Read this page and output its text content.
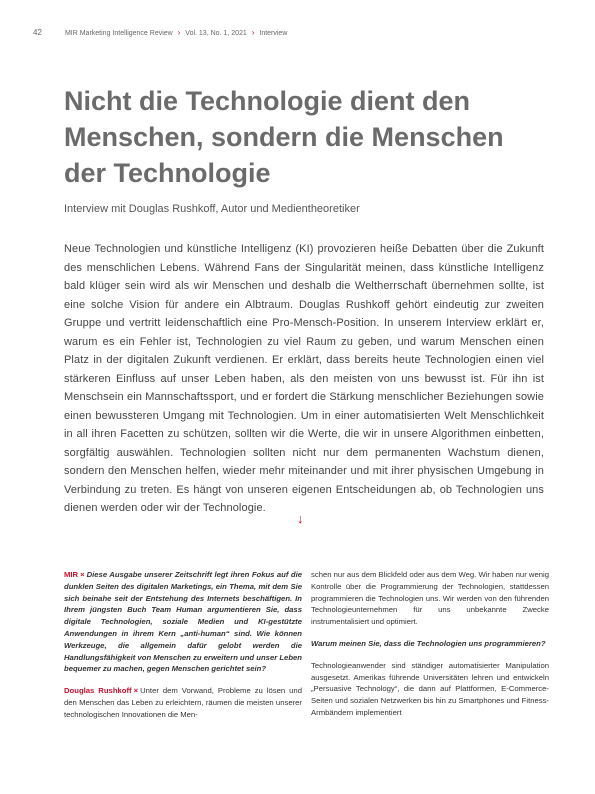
42	MIR Marketing Intelligence Review › Vol. 13, No. 1, 2021 › Interview
Nicht die Technologie dient den Menschen, sondern die Menschen der Technologie
Interview mit Douglas Rushkoff, Autor und Medientheoretiker

Neue Technologien und künstliche Intelligenz (KI) provozieren heiße Debatten über die Zukunft des menschlichen Lebens. Während Fans der Singularität meinen, dass künstliche Intelligenz bald klüger sein wird als wir Menschen und deshalb die Weltherrschaft übernehmen sollte, ist eine solche Vision für andere ein Albtraum. Douglas Rushkoff gehört eindeutig zur zweiten Gruppe und vertritt leidenschaftlich eine Pro-Mensch-Position. In unserem Interview erklärt er, warum es ein Fehler ist, Technologien zu viel Raum zu geben, und warum Menschen einen Platz in der digitalen Zukunft verdienen. Er erklärt, dass bereits heute Technologien einen viel stärkeren Einfluss auf unser Leben haben, als den meisten von uns bewusst ist. Für ihn ist Menschsein ein Mannschaftssport, und er fordert die Stärkung menschlicher Beziehungen sowie einen bewussteren Umgang mit Technologien. Um in einer automatisierten Welt Menschlichkeit in all ihren Facetten zu schützen, sollten wir die Werte, die wir in unsere Algorithmen einbetten, sorgfältig auswählen. Technologien sollten nicht nur dem permanenten Wachstum dienen, sondern den Menschen helfen, wieder mehr miteinander und mit ihrer physischen Umgebung in Verbindung zu treten. Es hängt von unseren eigenen Entscheidungen ab, ob Technologien uns dienen werden oder wir der Technologie.

↓

MIR × Diese Ausgabe unserer Zeitschrift legt ihren Fokus auf die dunklen Seiten des digitalen Marketings, ein Thema, mit dem Sie sich beinahe seit der Entstehung des Internets beschäftigen. In Ihrem jüngsten Buch Team Human argumentieren Sie, dass digitale Technologien, soziale Medien und KI-gestützte Anwendungen in ihrem Kern „anti-human“ sind. Wie können Werkzeuge, die allgemein dafür gelobt werden die Handlungsfähigkeit von Menschen zu erweitern und unser Leben bequemer zu machen, gegen Menschen gerichtet sein?

Douglas Rushkoff × Unter dem Vorwand, Probleme zu lösen und den Menschen das Leben zu erleichtern, räumen die meisten unserer technologischen Innovationen die Men-

schen nur aus dem Blickfeld oder aus dem Weg. Wir haben nur wenig Kontrolle über die Programmierung der Technologien, stattdessen programmieren die Technologien uns. Wir werden von den führenden Technologieunternehmen für uns unbekannte Zwecke instrumentalisiert und optimiert.

Warum meinen Sie, dass die Technologien uns programmieren?

Technologieanwender sind ständiger automatisierter Manipulation ausgesetzt. Amerikas führende Universitäten lehren und entwickeln „Persuasive Technology“, die dann auf Plattformen, E-Commerce-Seiten und sozialen Netzwerken bis hin zu Smartphones und Fitness-Armbändern implementiert
